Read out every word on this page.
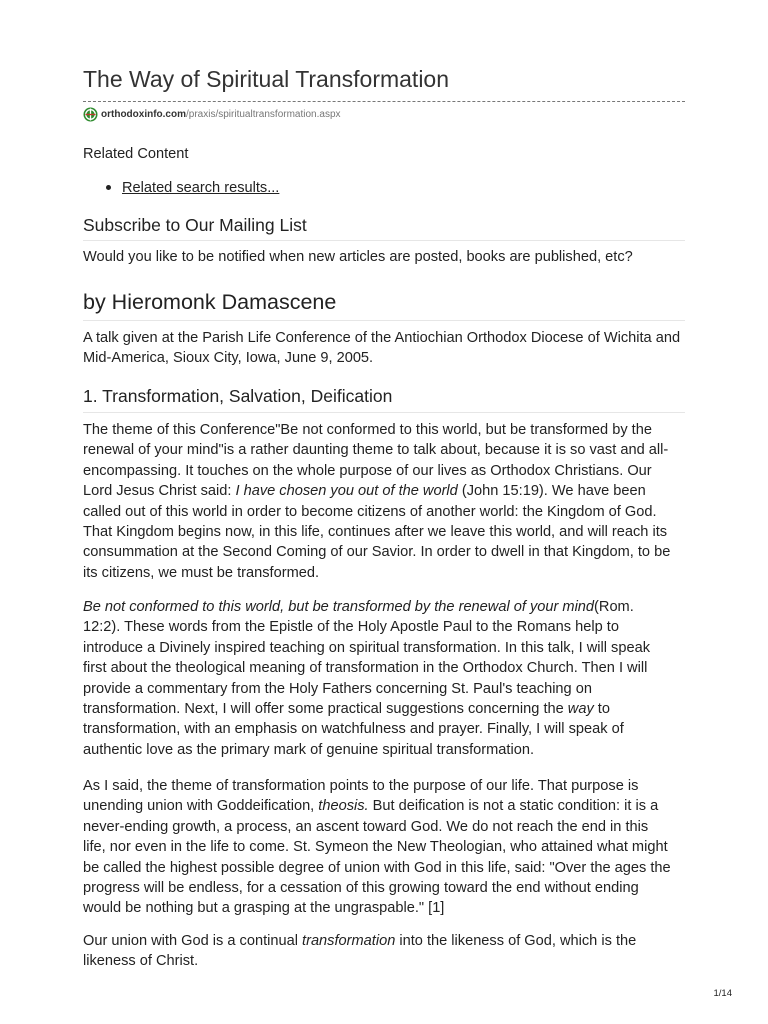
The Way of Spiritual Transformation
orthodoxinfo.com /praxis/spiritualtransformation.aspx

Related Content

Related search results...
Subscribe to Our Mailing List

Would you like to be notified when new articles are posted, books are published, etc?

by Hieromonk Damascene
A talk given at the Parish Life Conference of the Antiochian Orthodox Diocese of Wichita and Mid-America, Sioux City, Iowa, June 9, 2005.
1. Transformation, Salvation, Deification
The theme of this Conference"Be not conformed to this world, but be transformed by the
renewal of your mind"is a rather daunting theme to talk about, because it is so vast and all-
encompassing. It touches on the whole purpose of our lives as Orthodox Christians. Our
Lord Jesus Christ said: I have chosen you out of the world (John 15:19). We have been
called out of this world in order to become citizens of another world: the Kingdom of God.
That Kingdom begins now, in this life, continues after we leave this world, and will reach its
consummation at the Second Coming of our Savior. In order to dwell in that Kingdom, to be
its citizens, we must be transformed.
Be not conformed to this world, but be transformed by the renewal of your mind(Rom.
12:2). These words from the Epistle of the Holy Apostle Paul to the Romans help to
introduce a Divinely inspired teaching on spiritual transformation. In this talk, I will speak
first about the theological meaning of transformation in the Orthodox Church. Then I will
provide a commentary from the Holy Fathers concerning St. Paul's teaching on
transformation. Next, I will offer some practical suggestions concerning the way to
transformation, with an emphasis on watchfulness and prayer. Finally, I will speak of
authentic love as the primary mark of genuine spiritual transformation.
As I said, the theme of transformation points to the purpose of our life. That purpose is
unending union with Goddeification, theosis. But deification is not a static condition: it is a
never-ending growth, a process, an ascent toward God. We do not reach the end in this
life, nor even in the life to come. St. Symeon the New Theologian, who attained what might
be called the highest possible degree of union with God in this life, said: "Over the ages the
progress will be endless, for a cessation of this growing toward the end without ending
would be nothing but a grasping at the ungraspable." [1]
Our union with God is a continual transformation into the likeness of God, which is the
likeness of Christ.
1/14
